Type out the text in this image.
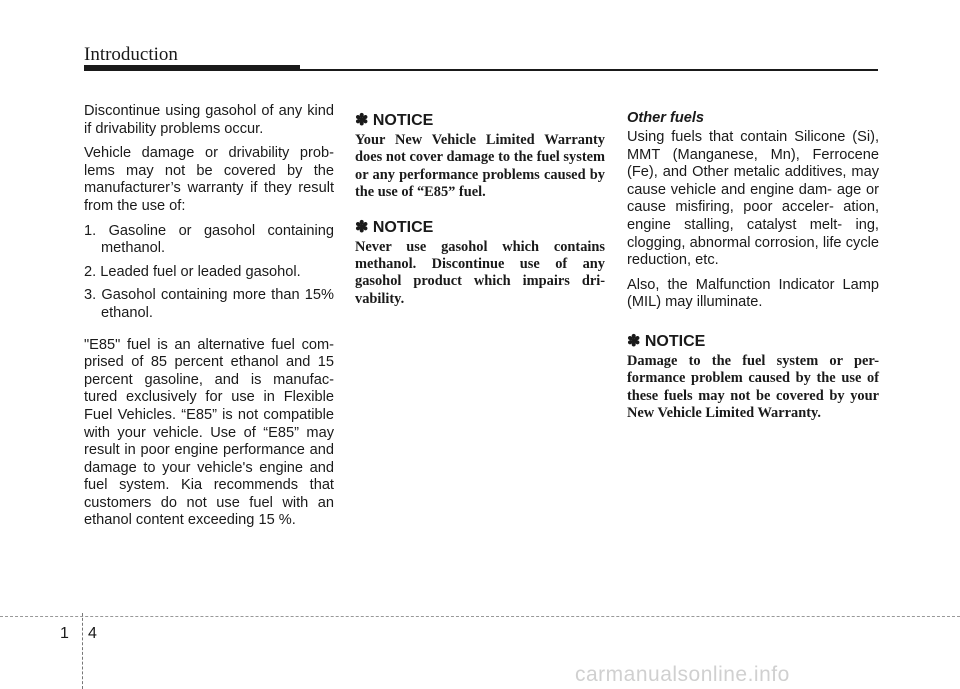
Introduction

Discontinue using gasohol of any kind if drivability problems occur.

Vehicle damage or drivability prob- lems may not be covered by the manufacturer’s warranty if they result from the use of:

1. Gasoline or gasohol containing methanol.
2. Leaded fuel or leaded gasohol.
3. Gasohol containing more than 15% ethanol.

"E85" fuel is an alternative fuel com- prised of 85 percent ethanol and 15 percent gasoline, and is manufac- tured exclusively for use in Flexible Fuel Vehicles. “E85” is not compatible with your vehicle. Use of “E85” may result in poor engine performance and damage to your vehicle's engine and fuel system. Kia recommends that customers do not use fuel with an ethanol content exceeding 15 %.

✽ NOTICE
Your New Vehicle Limited Warranty does not cover damage to the fuel system or any performance problems caused by the use of “E85” fuel.
✽ NOTICE
Never use gasohol which contains methanol. Discontinue use of any gasohol product which impairs dri- vability.
Other fuels

Using fuels that contain Silicone (Si), MMT (Manganese, Mn), Ferrocene (Fe), and Other metalic additives, may cause vehicle and engine dam- age or cause misfiring, poor acceler- ation, engine stalling, catalyst melt- ing, clogging, abnormal corrosion, life cycle reduction, etc.

Also, the Malfunction Indicator Lamp (MIL) may illuminate.

✽ NOTICE
Damage to the fuel system or per- formance problem caused by the use of these fuels may not be covered by your New Vehicle Limited Warranty.
1 4
carmanualsonline.info
